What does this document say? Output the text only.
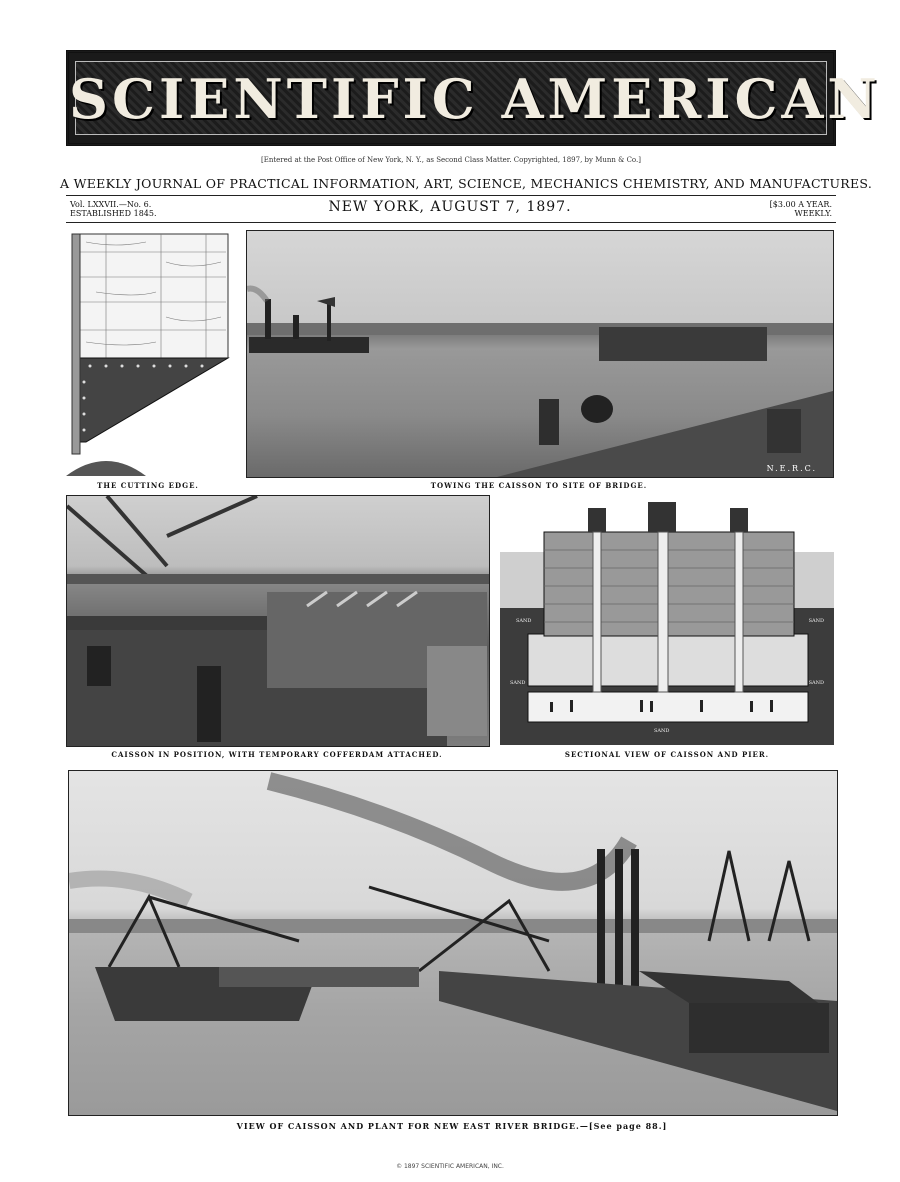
SCIENTIFIC AMERICAN
[Entered at the Post Office of New York, N. Y., as Second Class Matter. Copyrighted, 1897, by Munn & Co.]
A WEEKLY JOURNAL OF PRACTICAL INFORMATION, ART, SCIENCE, MECHANICS CHEMISTRY, AND MANUFACTURES.
Vol. LXXVII.—No. 6.
ESTABLISHED 1845.	NEW YORK, AUGUST 7, 1897.	[$3.00 A YEAR.
WEEKLY.
THE CUTTING EDGE.
N.E.R.C.
TOWING THE CAISSON TO SITE OF BRIDGE.
CAISSON IN POSITION, WITH TEMPORARY COFFERDAM ATTACHED.
SAND	SAND
SAND	SAND
SAND
SECTIONAL VIEW OF CAISSON AND PIER.
VIEW OF CAISSON AND PLANT FOR NEW EAST RIVER BRIDGE.—[See page 88.]
© 1897 SCIENTIFIC AMERICAN, INC.
